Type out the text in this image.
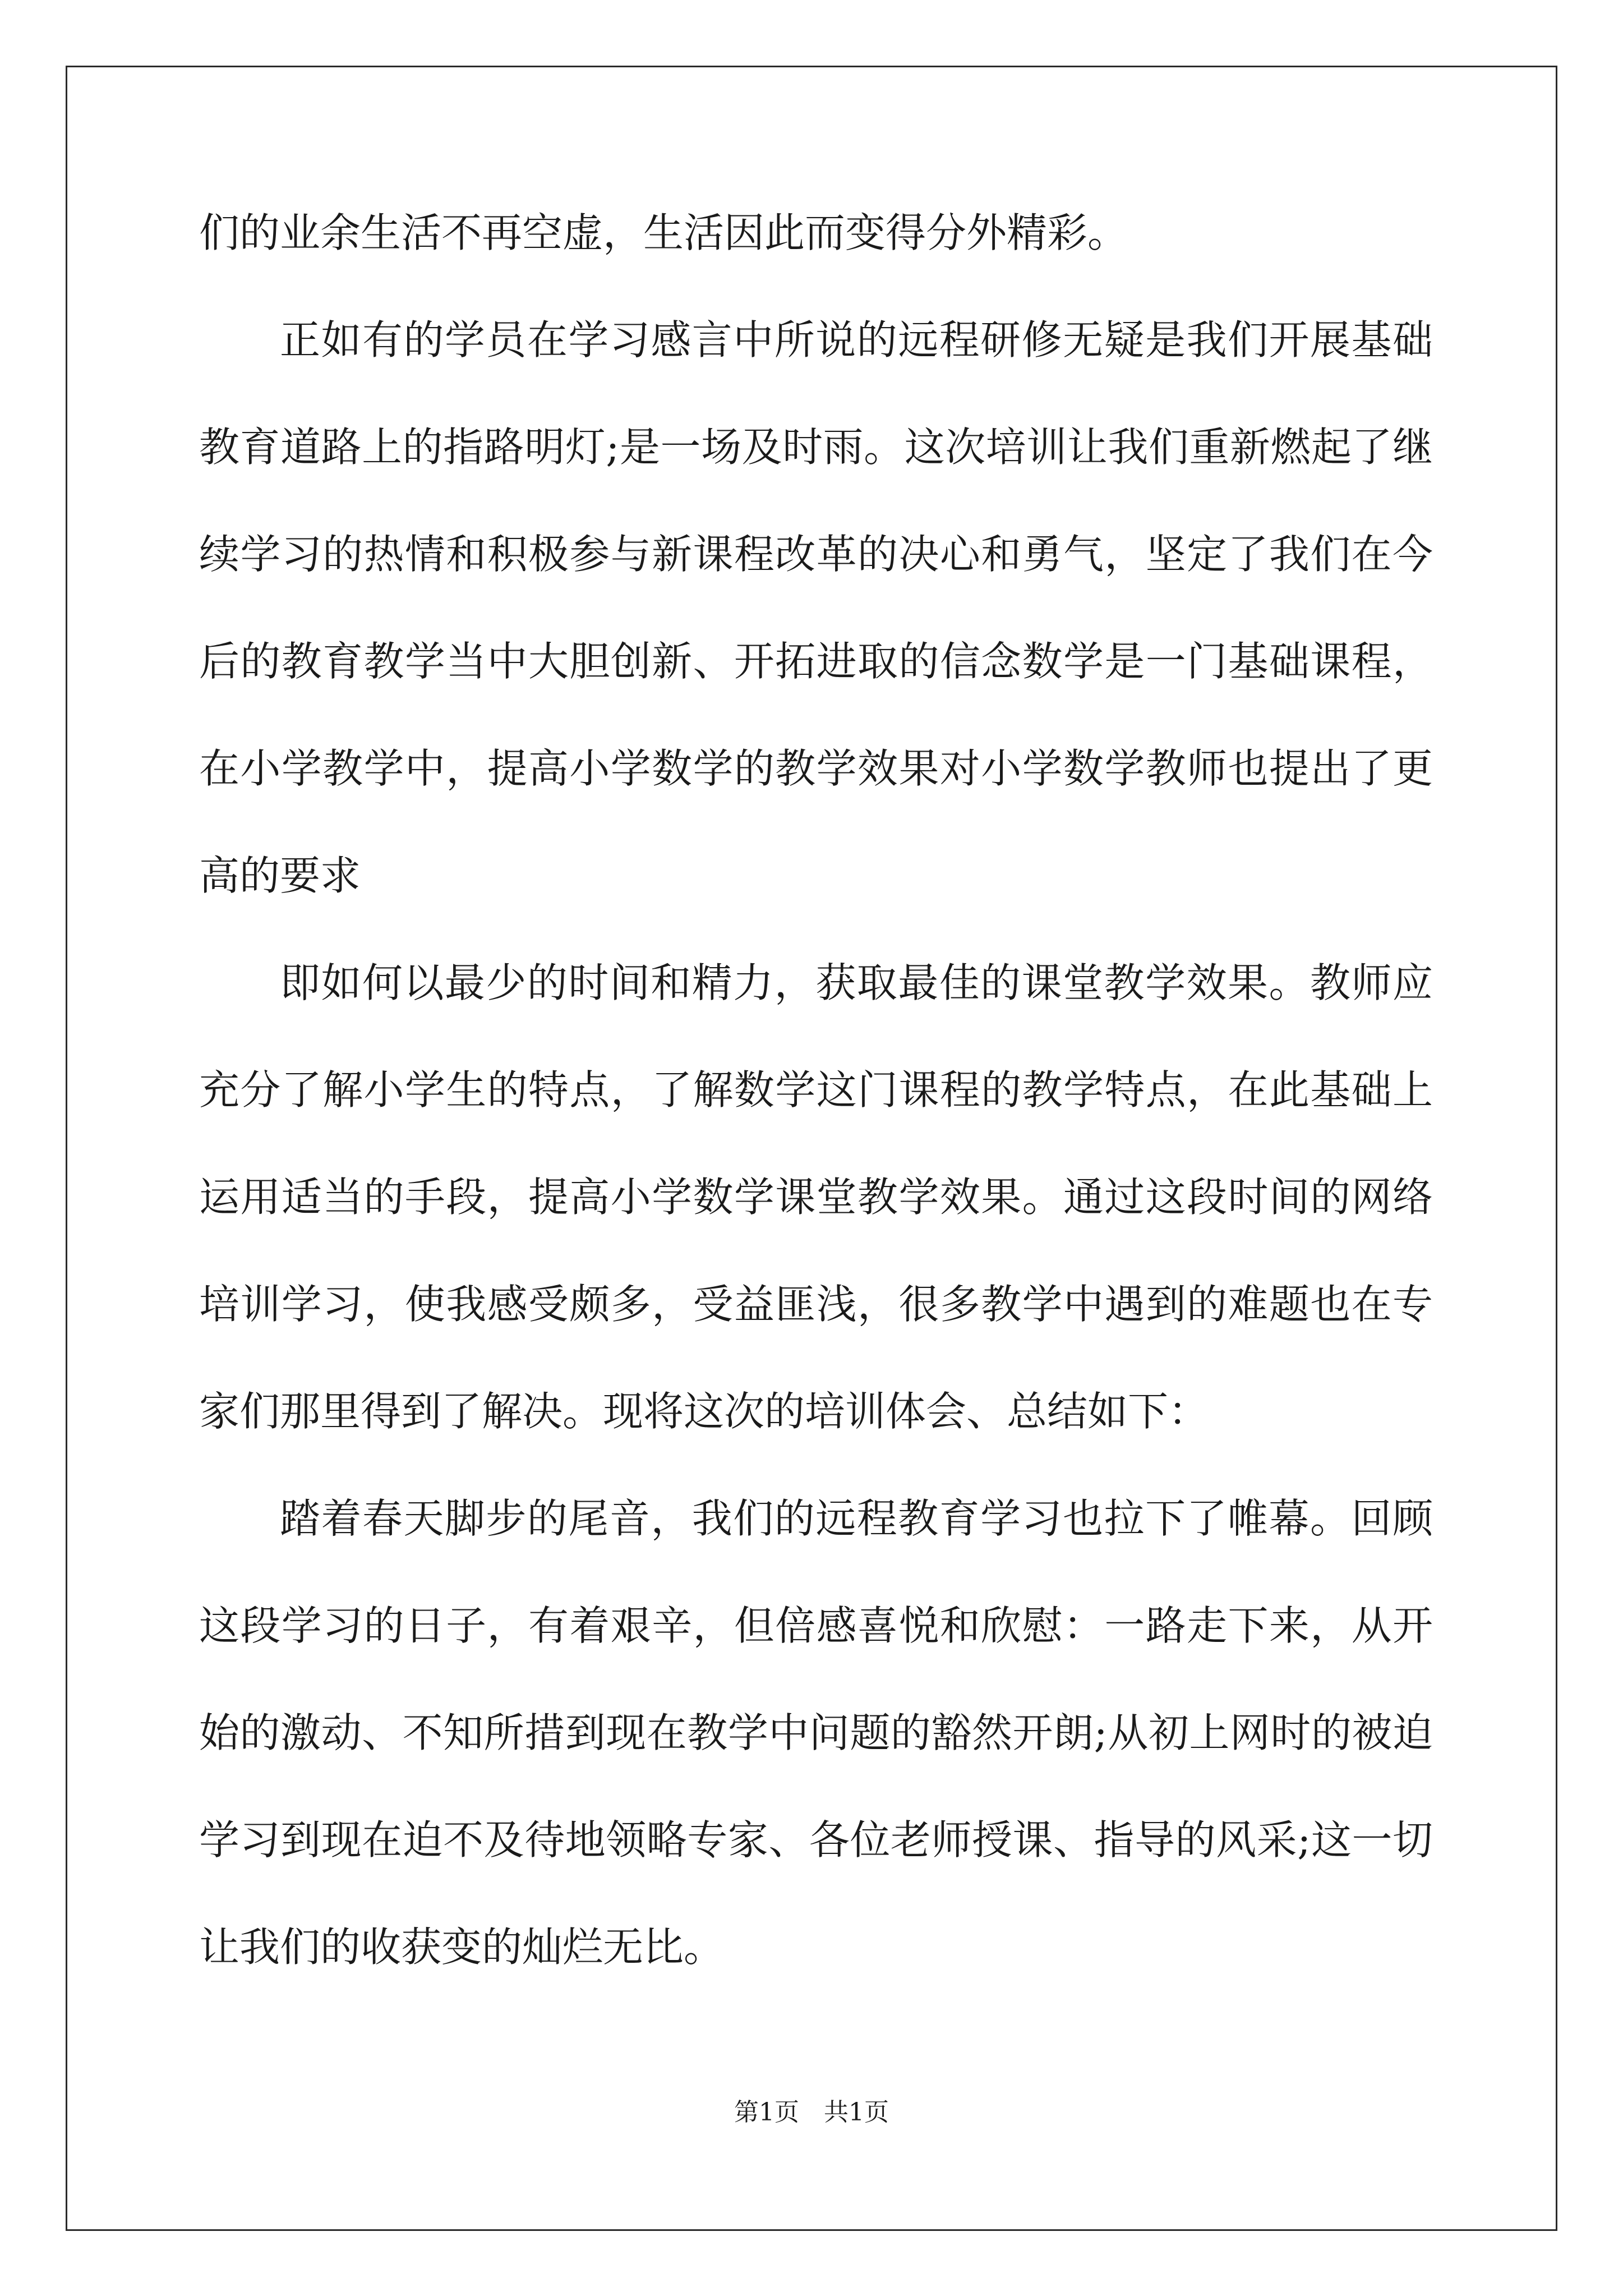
们的业余生活不再空虚，生活因此而变得分外精彩。
正如有的学员在学习感言中所说的远程研修无疑是我们开展基础
教育道路上的指路明灯;是一场及时雨。这次培训让我们重新燃起了继
续学习的热情和积极参与新课程改革的决心和勇气，坚定了我们在今
后的教育教学当中大胆创新、开拓进取的信念数学是一门基础课程，
在小学教学中，提高小学数学的教学效果对小学数学教师也提出了更
高的要求
即如何以最少的时间和精力，获取最佳的课堂教学效果。教师应
充分了解小学生的特点，了解数学这门课程的教学特点，在此基础上
运用适当的手段，提高小学数学课堂教学效果。通过这段时间的网络
培训学习，使我感受颇多，受益匪浅，很多教学中遇到的难题也在专
家们那里得到了解决。现将这次的培训体会、总结如下：
踏着春天脚步的尾音，我们的远程教育学习也拉下了帷幕。回顾
这段学习的日子，有着艰辛，但倍感喜悦和欣慰：一路走下来，从开
始的激动、不知所措到现在教学中问题的豁然开朗;从初上网时的被迫
学习到现在迫不及待地领略专家、各位老师授课、指导的风采;这一切
让我们的收获变的灿烂无比。
第1页　共1页
